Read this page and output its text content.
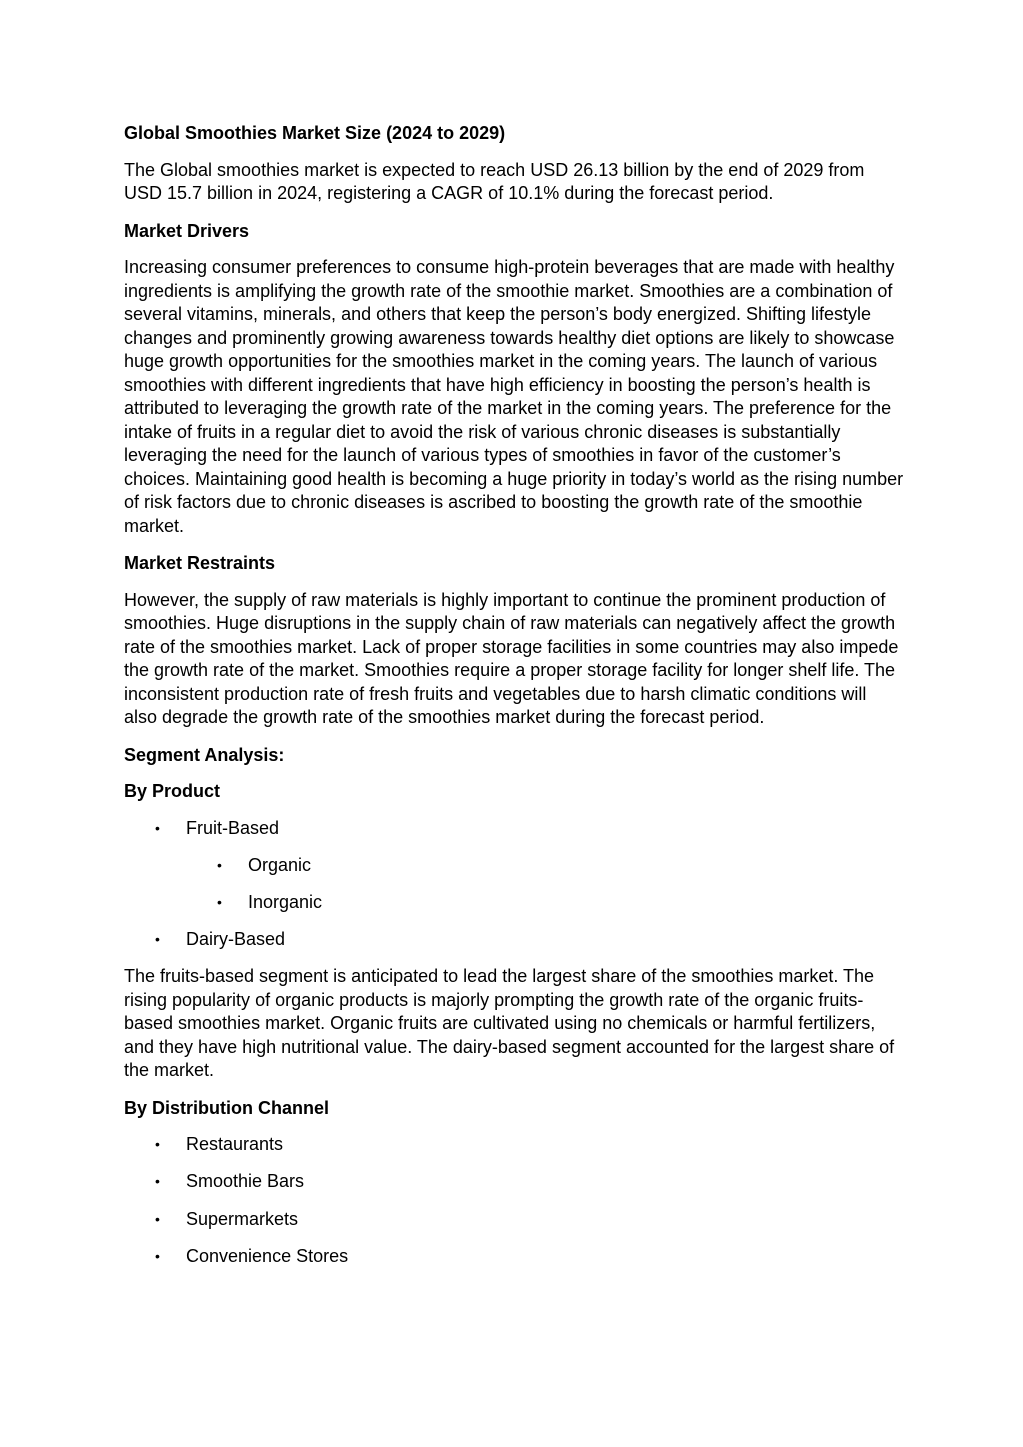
Global Smoothies Market Size (2024 to 2029)

The Global smoothies market is expected to reach USD 26.13 billion by the end of 2029 from USD 15.7 billion in 2024, registering a CAGR of 10.1% during the forecast period.

Market Drivers

Increasing consumer preferences to consume high-protein beverages that are made with healthy ingredients is amplifying the growth rate of the smoothie market. Smoothies are a combination of several vitamins, minerals, and others that keep the person’s body energized. Shifting lifestyle changes and prominently growing awareness towards healthy diet options are likely to showcase huge growth opportunities for the smoothies market in the coming years. The launch of various smoothies with different ingredients that have high efficiency in boosting the person’s health is attributed to leveraging the growth rate of the market in the coming years. The preference for the intake of fruits in a regular diet to avoid the risk of various chronic diseases is substantially leveraging the need for the launch of various types of smoothies in favor of the customer’s choices. Maintaining good health is becoming a huge priority in today’s world as the rising number of risk factors due to chronic diseases is ascribed to boosting the growth rate of the smoothie market.

Market Restraints

However, the supply of raw materials is highly important to continue the prominent production of smoothies. Huge disruptions in the supply chain of raw materials can negatively affect the growth rate of the smoothies market. Lack of proper storage facilities in some countries may also impede the growth rate of the market. Smoothies require a proper storage facility for longer shelf life. The inconsistent production rate of fresh fruits and vegetables due to harsh climatic conditions will also degrade the growth rate of the smoothies market during the forecast period.

Segment Analysis:

By Product

• Fruit-Based
• Organic
• Inorganic
• Dairy-Based

The fruits-based segment is anticipated to lead the largest share of the smoothies market. The rising popularity of organic products is majorly prompting the growth rate of the organic fruits-based smoothies market. Organic fruits are cultivated using no chemicals or harmful fertilizers, and they have high nutritional value. The dairy-based segment accounted for the largest share of the market.

By Distribution Channel

• Restaurants
• Smoothie Bars
• Supermarkets
• Convenience Stores
